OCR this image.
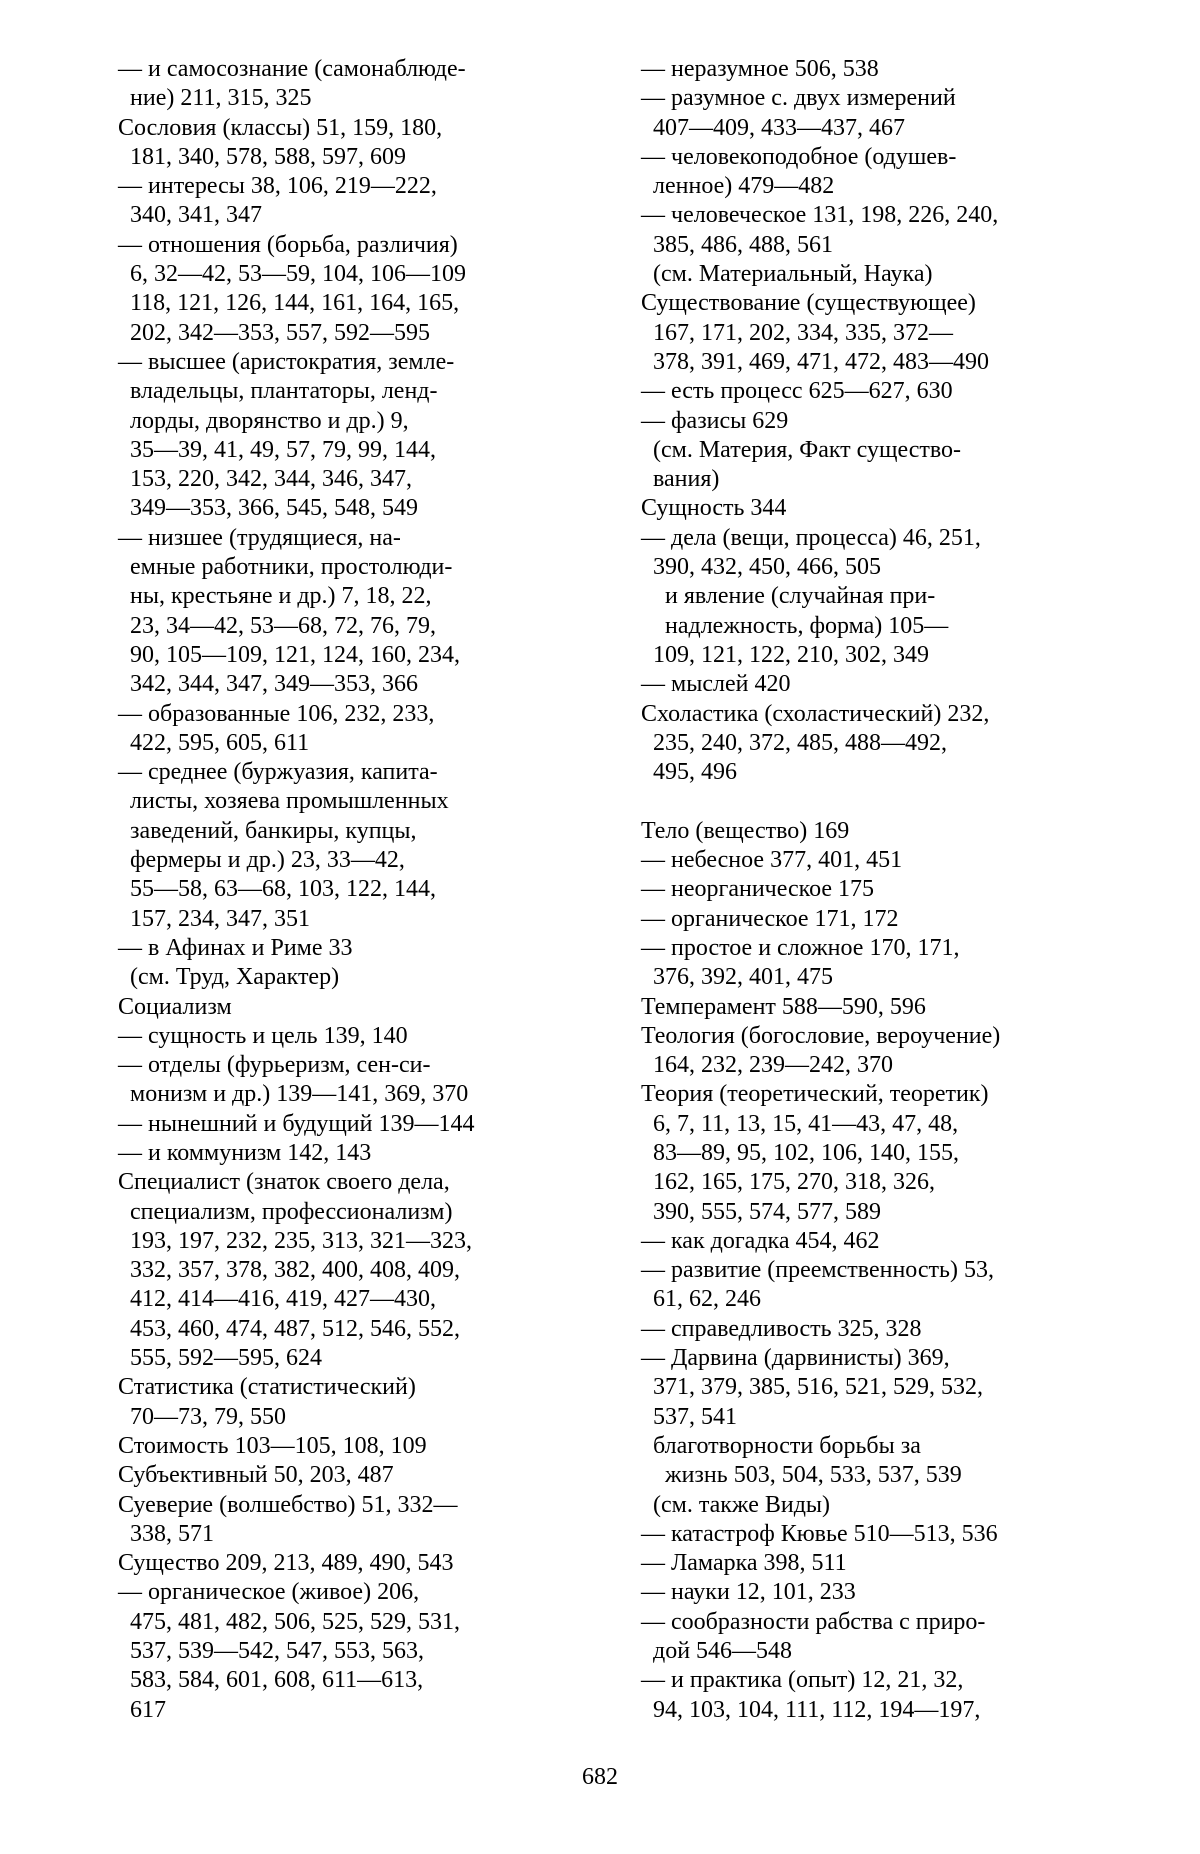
— и самосознание (самонаблюде-
ние) 211, 315, 325
Сословия (классы) 51, 159, 180,
181, 340, 578, 588, 597, 609
— интересы 38, 106, 219—222,
340, 341, 347
— отношения (борьба, различия)
6, 32—42, 53—59, 104, 106—109
118, 121, 126, 144, 161, 164, 165,
202, 342—353, 557, 592—595
— высшее (аристократия, земле-
владельцы, плантаторы, ленд-
лорды, дворянство и др.) 9,
35—39, 41, 49, 57, 79, 99, 144,
153, 220, 342, 344, 346, 347,
349—353, 366, 545, 548, 549
— низшее (трудящиеся, на-
емные работники, простолюди-
ны, крестьяне и др.) 7, 18, 22,
23, 34—42, 53—68, 72, 76, 79,
90, 105—109, 121, 124, 160, 234,
342, 344, 347, 349—353, 366
— образованные 106, 232, 233,
422, 595, 605, 611
— среднее (буржуазия, капита-
листы, хозяева промышленных
заведений, банкиры, купцы,
фермеры и др.) 23, 33—42,
55—58, 63—68, 103, 122, 144,
157, 234, 347, 351
— в Афинах и Риме 33
(см. Труд, Характер)
Социализм
— сущность и цель 139, 140
— отделы (фурьеризм, сен-си-
монизм и др.) 139—141, 369, 370
— нынешний и будущий 139—144
— и коммунизм 142, 143
Специалист (знаток своего дела,
специализм, профессионализм)
193, 197, 232, 235, 313, 321—323,
332, 357, 378, 382, 400, 408, 409,
412, 414—416, 419, 427—430,
453, 460, 474, 487, 512, 546, 552,
555, 592—595, 624
Статистика (статистический)
70—73, 79, 550
Стоимость 103—105, 108, 109
Субъективный 50, 203, 487
Суеверие (волшебство) 51, 332—
338, 571
Существо 209, 213, 489, 490, 543
— органическое (живое) 206,
475, 481, 482, 506, 525, 529, 531,
537, 539—542, 547, 553, 563,
583, 584, 601, 608, 611—613,
617
— неразумное 506, 538
— разумное с. двух измерений
407—409, 433—437, 467
— человекоподобное (одушев-
ленное) 479—482
— человеческое 131, 198, 226, 240,
385, 486, 488, 561
(см. Материальный, Наука)
Существование (существующее)
167, 171, 202, 334, 335, 372—
378, 391, 469, 471, 472, 483—490
— есть процесс 625—627, 630
— фазисы 629
(см. Материя, Факт существо-
вания)
Сущность 344
— дела (вещи, процесса) 46, 251,
390, 432, 450, 466, 505
и явление (случайная при-
надлежность, форма) 105—
109, 121, 122, 210, 302, 349
— мыслей 420
Схоластика (схоластический) 232,
235, 240, 372, 485, 488—492,
495, 496
Тело (вещество) 169
— небесное 377, 401, 451
— неорганическое 175
— органическое 171, 172
— простое и сложное 170, 171,
376, 392, 401, 475
Темперамент 588—590, 596
Теология (богословие, вероучение)
164, 232, 239—242, 370
Теория (теоретический, теоретик)
6, 7, 11, 13, 15, 41—43, 47, 48,
83—89, 95, 102, 106, 140, 155,
162, 165, 175, 270, 318, 326,
390, 555, 574, 577, 589
— как догадка 454, 462
— развитие (преемственность) 53,
61, 62, 246
— справедливость 325, 328
— Дарвина (дарвинисты) 369,
371, 379, 385, 516, 521, 529, 532,
537, 541
благотворности борьбы за
жизнь 503, 504, 533, 537, 539
(см. также Виды)
— катастроф Кювье 510—513, 536
— Ламарка 398, 511
— науки 12, 101, 233
— сообразности рабства с приро-
дой 546—548
— и практика (опыт) 12, 21, 32,
94, 103, 104, 111, 112, 194—197,
682
